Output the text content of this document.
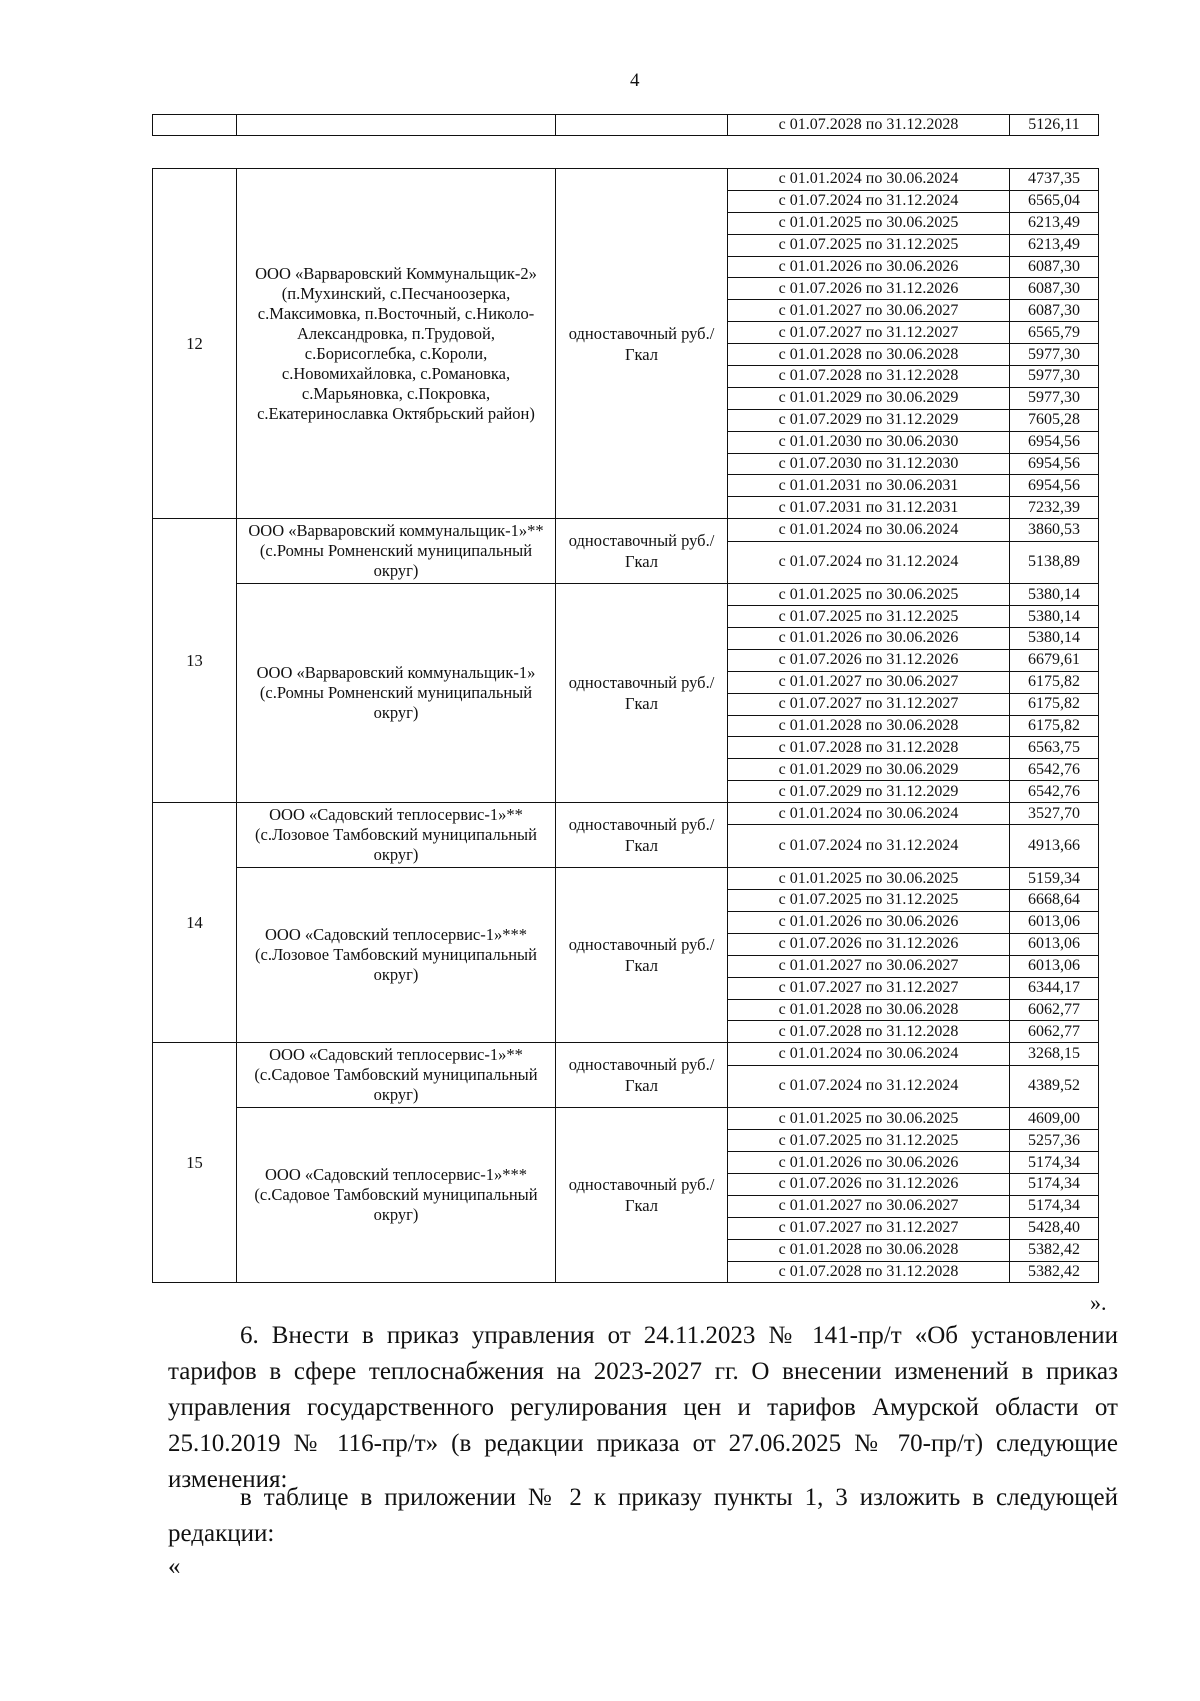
4
			с 01.07.2028 по 31.12.2028	5126,11
12	ООО «Варваровский Коммунальщик-2» (п.Мухинский, с.Песчаноозерка, с.Максимовка, п.Восточный, с.Николо-Александровка, п.Трудовой, с.Борисоглебка, с.Короли, с.Новомихайловка, с.Романовка, с.Марьяновка, с.Покровка, с.Екатеринославка Октябрьский район)	одноставочный руб./Гкал	с 01.01.2024 по 30.06.2024	4737,35
			с 01.07.2024 по 31.12.2024	6565,04
			с 01.01.2025 по 30.06.2025	6213,49
			с 01.07.2025 по 31.12.2025	6213,49
			с 01.01.2026 по 30.06.2026	6087,30
			с 01.07.2026 по 31.12.2026	6087,30
			с 01.01.2027 по 30.06.2027	6087,30
			с 01.07.2027 по 31.12.2027	6565,79
			с 01.01.2028 по 30.06.2028	5977,30
			с 01.07.2028 по 31.12.2028	5977,30
			с 01.01.2029 по 30.06.2029	5977,30
			с 01.07.2029 по 31.12.2029	7605,28
			с 01.01.2030 по 30.06.2030	6954,56
			с 01.07.2030 по 31.12.2030	6954,56
			с 01.01.2031 по 30.06.2031	6954,56
			с 01.07.2031 по 31.12.2031	7232,39
13	ООО «Варваровский коммунальщик-1»** (с.Ромны Ромненский муниципальный округ)	одноставочный руб./Гкал	с 01.01.2024 по 30.06.2024	3860,53
			с 01.07.2024 по 31.12.2024	5138,89
	ООО «Варваровский коммунальщик-1» (с.Ромны Ромненский муниципальный округ)	одноставочный руб./Гкал	с 01.01.2025 по 30.06.2025	5380,14
			с 01.07.2025 по 31.12.2025	5380,14
			с 01.01.2026 по 30.06.2026	5380,14
			с 01.07.2026 по 31.12.2026	6679,61
			с 01.01.2027 по 30.06.2027	6175,82
			с 01.07.2027 по 31.12.2027	6175,82
			с 01.01.2028 по 30.06.2028	6175,82
			с 01.07.2028 по 31.12.2028	6563,75
			с 01.01.2029 по 30.06.2029	6542,76
			с 01.07.2029 по 31.12.2029	6542,76
14	ООО «Садовский теплосервис-1»** (с.Лозовое Тамбовский муниципальный округ)	одноставочный руб./Гкал	с 01.01.2024 по 30.06.2024	3527,70
			с 01.07.2024 по 31.12.2024	4913,66
	ООО «Садовский теплосервис-1»*** (с.Лозовое Тамбовский муниципальный округ)	одноставочный руб./Гкал	с 01.01.2025 по 30.06.2025	5159,34
			с 01.07.2025 по 31.12.2025	6668,64
			с 01.01.2026 по 30.06.2026	6013,06
			с 01.07.2026 по 31.12.2026	6013,06
			с 01.01.2027 по 30.06.2027	6013,06
			с 01.07.2027 по 31.12.2027	6344,17
			с 01.01.2028 по 30.06.2028	6062,77
			с 01.07.2028 по 31.12.2028	6062,77
15	ООО «Садовский теплосервис-1»** (с.Садовое Тамбовский муниципальный округ)	одноставочный руб./Гкал	с 01.01.2024 по 30.06.2024	3268,15
			с 01.07.2024 по 31.12.2024	4389,52
	ООО «Садовский теплосервис-1»*** (с.Садовое Тамбовский муниципальный округ)	одноставочный руб./Гкал	с 01.01.2025 по 30.06.2025	4609,00
			с 01.07.2025 по 31.12.2025	5257,36
			с 01.01.2026 по 30.06.2026	5174,34
			с 01.07.2026 по 31.12.2026	5174,34
			с 01.01.2027 по 30.06.2027	5174,34
			с 01.07.2027 по 31.12.2027	5428,40
			с 01.01.2028 по 30.06.2028	5382,42
			с 01.07.2028 по 31.12.2028	5382,42
».
6. Внести в приказ управления от 24.11.2023 № 141-пр/т «Об установлении тарифов в сфере теплоснабжения на 2023-2027 гг. О внесении изменений в приказ управления государственного регулирования цен и тарифов Амурской области от 25.10.2019 № 116-пр/т» (в редакции приказа от 27.06.2025 № 70-пр/т) следующие изменения:
в таблице в приложении № 2 к приказу пункты 1, 3 изложить в следующей редакции:
«
